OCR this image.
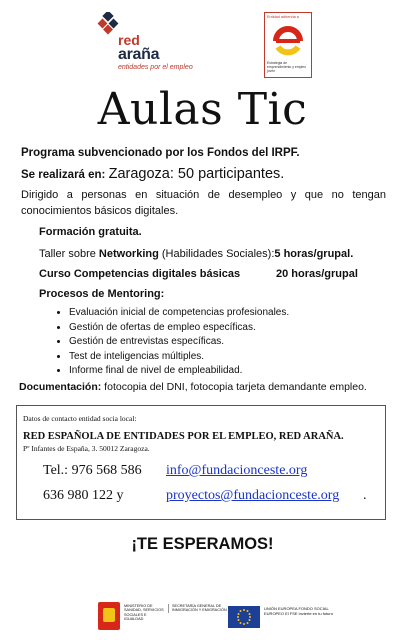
red
araña
entidades por el empleo
Entidad adherida a
Estrategia de emprendimiento y empleo joven
Aulas Tic
Programa subvencionado por los Fondos del IRPF.
Se realizará en: Zaragoza: 50 participantes.
Dirigido a personas en situación de desempleo y que no tengan conocimientos básicos digitales.
Formación gratuita.
Taller sobre Networking (Habilidades Sociales):5 horas/grupal.
Curso Competencias digitales básicas	20 horas/grupal
Procesos de Mentoring:
• Evaluación inicial de competencias profesionales.
• Gestión de ofertas de empleo específicas.
• Gestión de entrevistas específicas.
• Test de inteligencias múltiples.
• Informe final de nivel de empleabilidad.
Documentación: fotocopia del DNI, fotocopia tarjeta demandante empleo.
Datos de contacto entidad socia local:
RED ESPAÑOLA DE ENTIDADES POR EL EMPLEO, RED ARAÑA.
Pº Infantes de España, 3. 50012 Zaragoza.
Tel.: 976 568 586 info@fundacionceste.org
636 980 122 y	proyectos@fundacionceste.org .
¡TE ESPERAMOS!
MINISTERIO DE SANIDAD, SERVICIOS SOCIALES E IGUALDAD
SECRETARÍA GENERAL DE INMIGRACIÓN Y EMIGRACIÓN	UNIÓN EUROPEA FONDO SOCIAL EUROPEO El FSE invierte en tu futuro
